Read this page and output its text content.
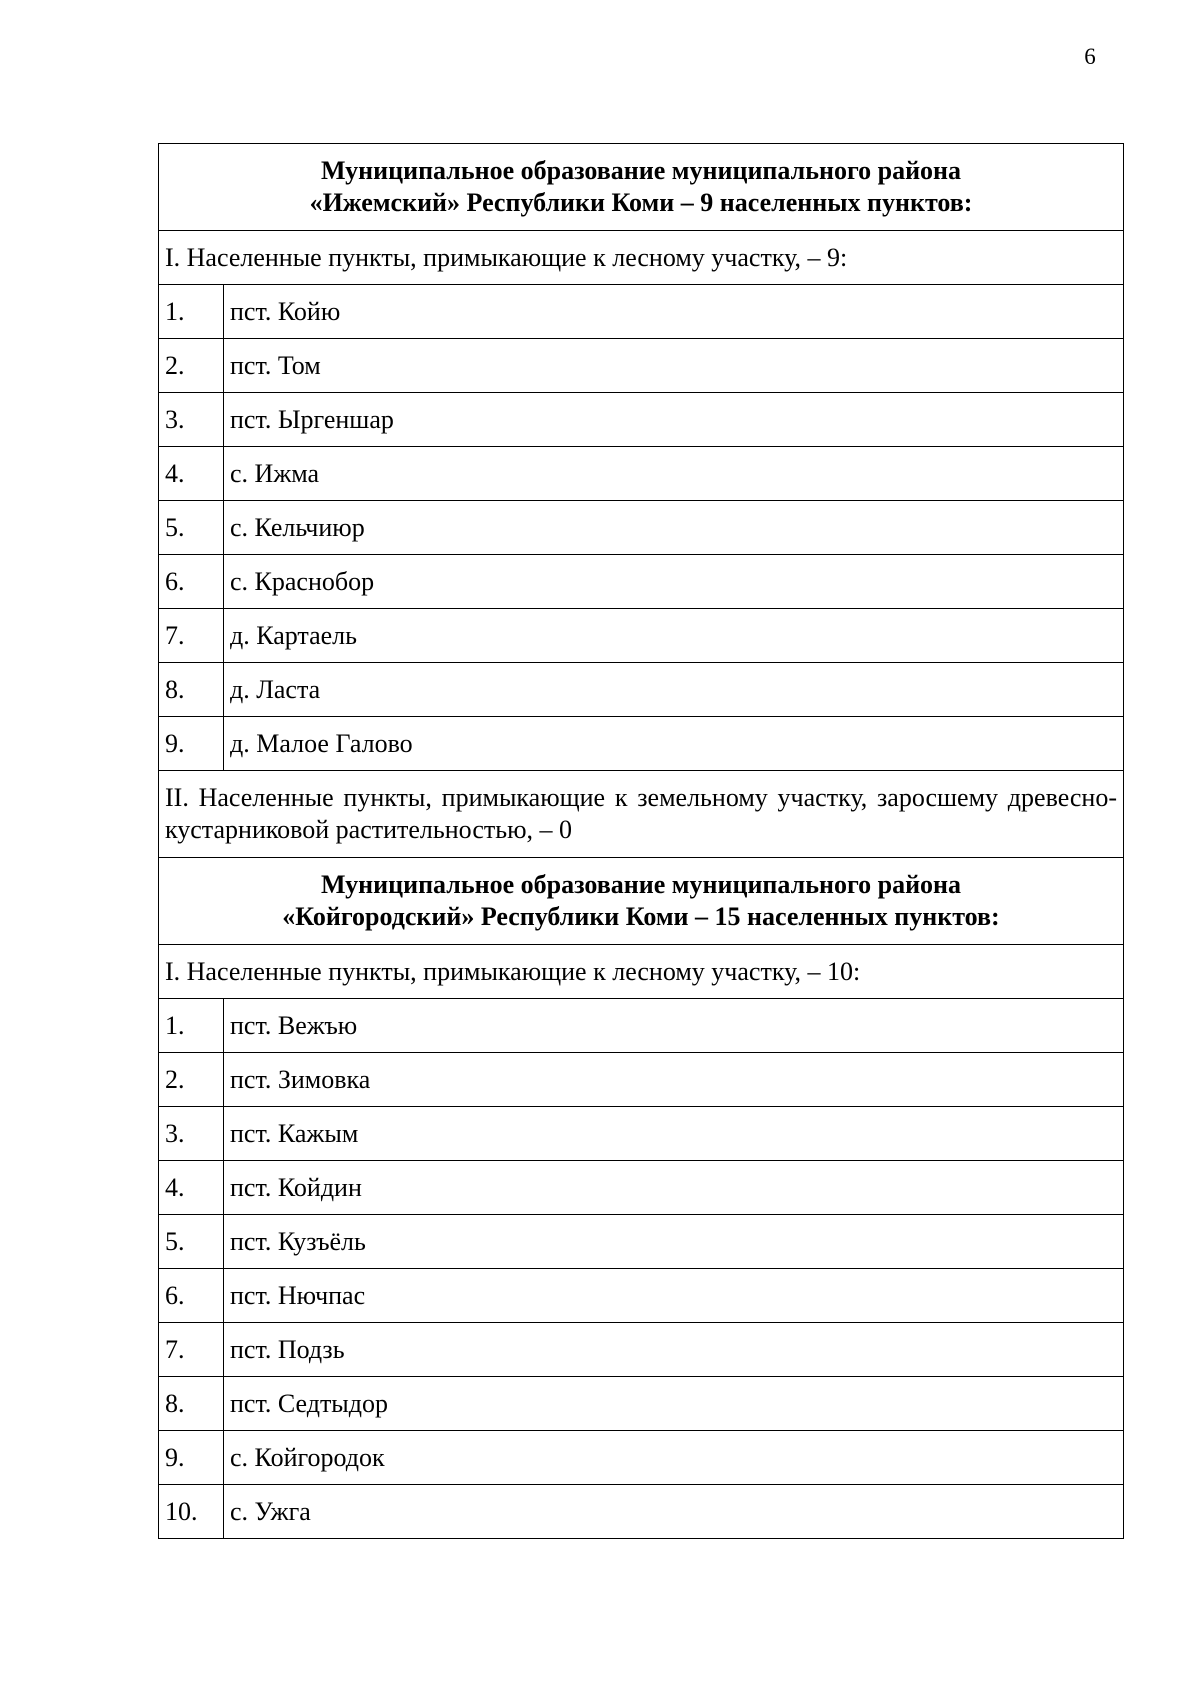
6
Муниципальное образование муниципального района
«Ижемский» Республики Коми – 9 населенных пунктов:	

I. Населенные пункты, примыкающие к лесному участку, – 9:	
1.	пст. Койю
2.	пст. Том
3.	пст. Ыргеншар
4.	с. Ижма
5.	с. Кельчиюр
6.	с. Краснобор
7.	д. Картаель
8.	д. Ласта
9.	д. Малое Галово
II. Населенные пункты, примыкающие к земельному участку, заросшему древесно-кустарниковой растительностью, – 0	

Муниципальное образование муниципального района
«Койгородский» Республики Коми – 15 населенных пунктов:	

I. Населенные пункты, примыкающие к лесному участку, – 10:	
1.	пст. Вежъю
2.	пст. Зимовка
3.	пст. Кажым
4.	пст. Койдин
5.	пст. Кузъёль
6.	пст. Нючпас
7.	пст. Подзь
8.	пст. Седтыдор
9.	с. Койгородок
10.	с. Ужга
